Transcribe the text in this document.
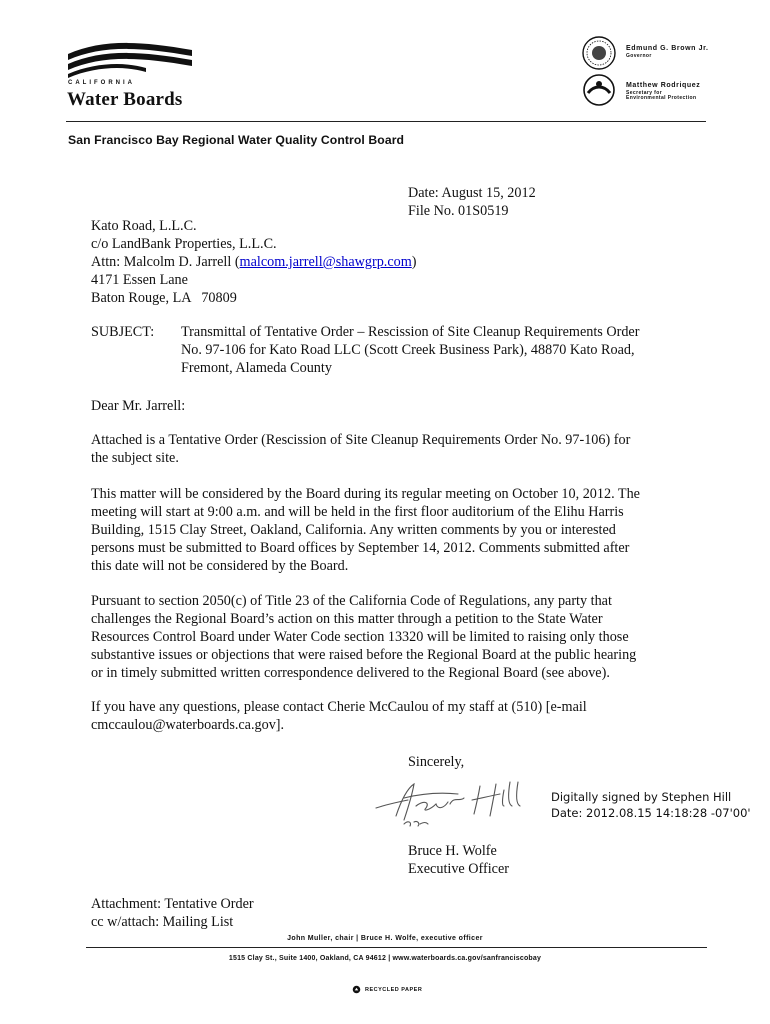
CALIFORNIA
Water Boards
Edmund G. Brown Jr.
Governor
Matthew Rodriquez
Secretary for
Environmental Protection
San Francisco Bay Regional Water Quality Control Board

Date: August 15, 2012

File No. 01S0519

Kato Road, L.L.C.

c/o LandBank Properties, L.L.C.

Attn: Malcolm D. Jarrell (malcom.jarrell@shawgrp.com)

4171 Essen Lane

Baton Rouge, LA   70809

SUBJECT: Transmittal of Tentative Order – Rescission of Site Cleanup Requirements Order

No. 97-106 for Kato Road LLC (Scott Creek Business Park), 48870 Kato Road,

Fremont, Alameda County

Dear Mr. Jarrell:

Attached is a Tentative Order (Rescission of Site Cleanup Requirements Order No. 97-106) for

the subject site.

This matter will be considered by the Board during its regular meeting on October 10, 2012. The

meeting will start at 9:00 a.m. and will be held in the first floor auditorium of the Elihu Harris

Building, 1515 Clay Street, Oakland, California. Any written comments by you or interested

persons must be submitted to Board offices by September 14, 2012. Comments submitted after

this date will not be considered by the Board.

Pursuant to section 2050(c) of Title 23 of the California Code of Regulations, any party that

challenges the Regional Board’s action on this matter through a petition to the State Water

Resources Control Board under Water Code section 13320 will be limited to raising only those

substantive issues or objections that were raised before the Regional Board at the public hearing

or in timely submitted written correspondence delivered to the Regional Board (see above).

If you have any questions, please contact Cherie McCaulou of my staff at (510) [e-mail

cmccaulou@waterboards.ca.gov].

Sincerely,
Digitally signed by Stephen Hill
Date: 2012.08.15 14:18:28 -07'00'

Bruce H. Wolfe

Executive Officer

Attachment: Tentative Order

cc w/attach: Mailing List

John Muller, chair | Bruce H. Wolfe, executive officer
1515 Clay St., Suite 1400, Oakland, CA 94612 | www.waterboards.ca.gov/sanfranciscobay
RECYCLED PAPER
